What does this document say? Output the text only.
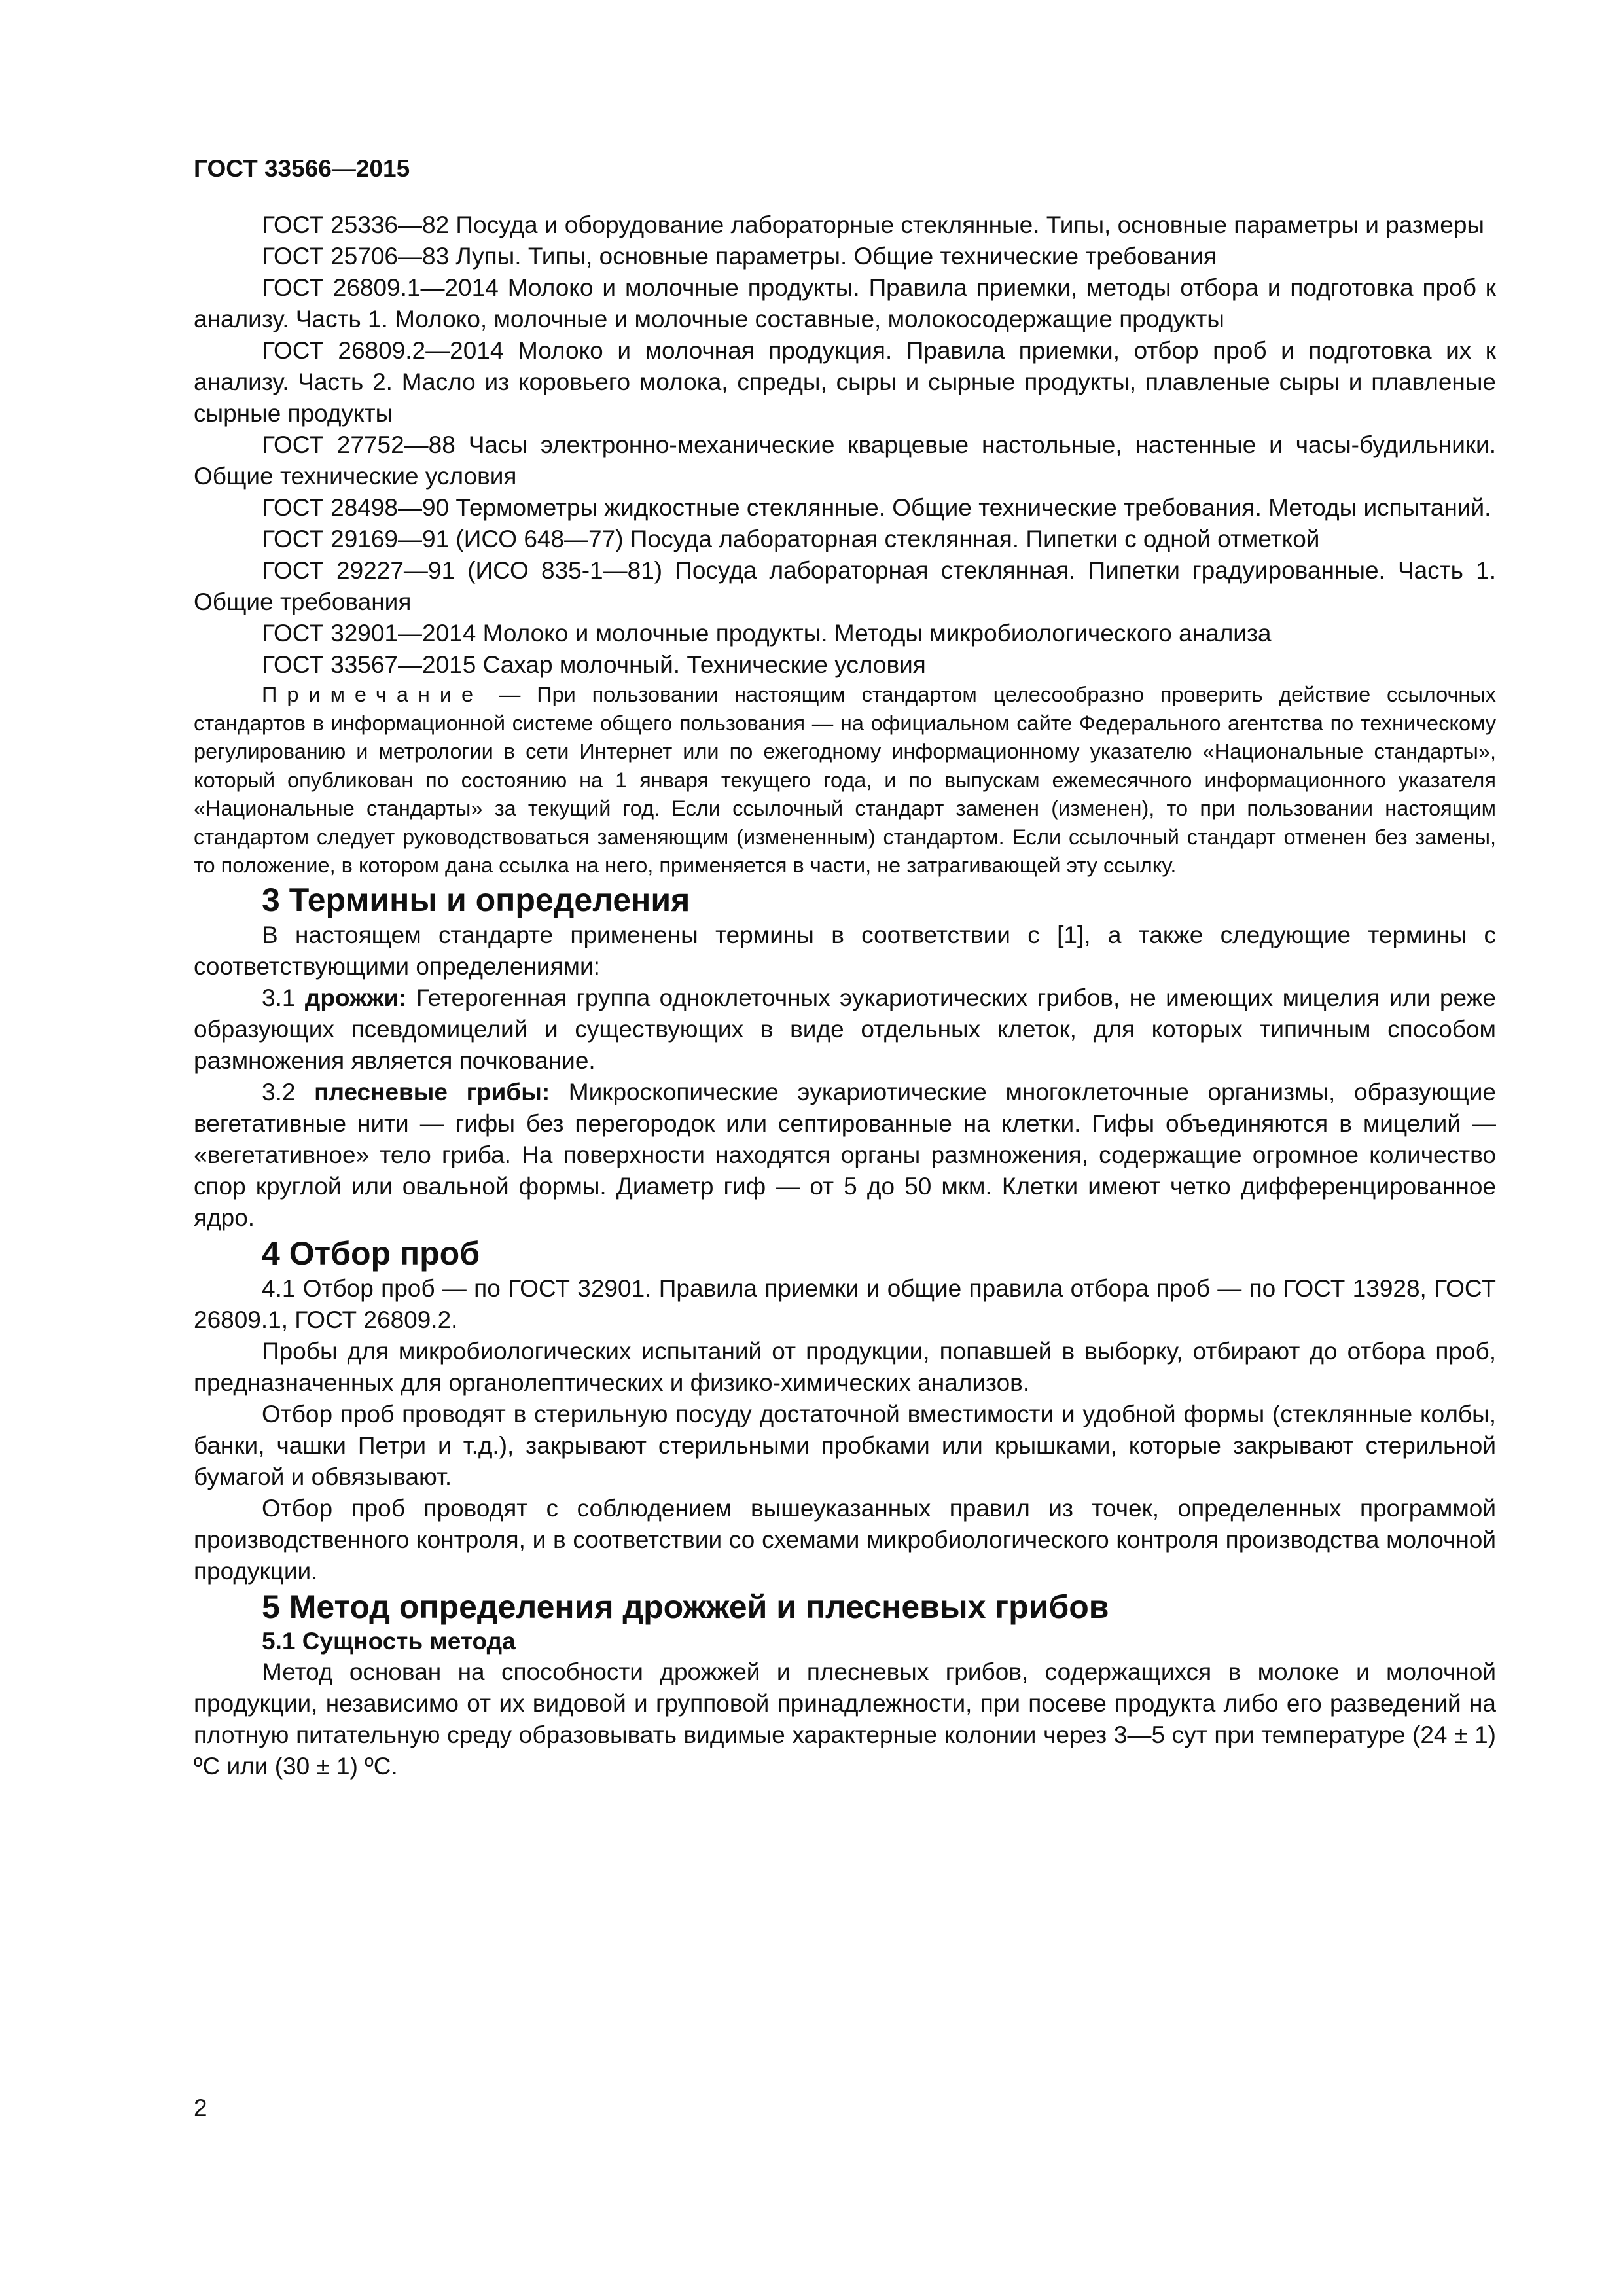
ГОСТ 33566—2015

ГОСТ 25336—82 Посуда и оборудование лабораторные стеклянные. Типы, основные параметры и размеры

ГОСТ 25706—83 Лупы. Типы, основные параметры. Общие технические требования

ГОСТ 26809.1—2014 Молоко и молочные продукты. Правила приемки, методы отбора и подготовка проб к анализу. Часть 1. Молоко, молочные и молочные составные, молокосодержащие продукты

ГОСТ 26809.2—2014 Молоко и молочная продукция. Правила приемки, отбор проб и подготовка их к анализу. Часть 2. Масло из коровьего молока, спреды, сыры и сырные продукты, плавленые сыры и плавленые сырные продукты

ГОСТ 27752—88 Часы электронно-механические кварцевые настольные, настенные и часы-будильники. Общие технические условия

ГОСТ 28498—90 Термометры жидкостные стеклянные. Общие технические требования. Методы испытаний.

ГОСТ 29169—91 (ИСО 648—77) Посуда лабораторная стеклянная. Пипетки с одной отметкой

ГОСТ 29227—91 (ИСО 835-1—81) Посуда лабораторная стеклянная. Пипетки градуированные. Часть 1. Общие требования

ГОСТ 32901—2014 Молоко и молочные продукты. Методы микробиологического анализа

ГОСТ 33567—2015 Сахар молочный. Технические условия

Примечание — При пользовании настоящим стандартом целесообразно проверить действие ссылочных стандартов в информационной системе общего пользования — на официальном сайте Федерального агентства по техническому регулированию и метрологии в сети Интернет или по ежегодному информационному указателю «Национальные стандарты», который опубликован по состоянию на 1 января текущего года, и по выпускам ежемесячного информационного указателя «Национальные стандарты» за текущий год. Если ссылочный стандарт заменен (изменен), то при пользовании настоящим стандартом следует руководствоваться заменяющим (измененным) стандартом. Если ссылочный стандарт отменен без замены, то положение, в котором дана ссылка на него, применяется в части, не затрагивающей эту ссылку.

3 Термины и определения

В настоящем стандарте применены термины в соответствии с [1], а также следующие термины с соответствующими определениями:

3.1 дрожжи: Гетерогенная группа одноклеточных эукариотических грибов, не имеющих мицелия или реже образующих псевдомицелий и существующих в виде отдельных клеток, для которых типичным способом размножения является почкование.

3.2 плесневые грибы: Микроскопические эукариотические многоклеточные организмы, образующие вегетативные нити — гифы без перегородок или септированные на клетки. Гифы объединяются в мицелий — «вегетативное» тело гриба. На поверхности находятся органы размножения, содержащие огромное количество спор круглой или овальной формы. Диаметр гиф — от 5 до 50 мкм. Клетки имеют четко дифференцированное ядро.

4 Отбор проб

4.1 Отбор проб — по ГОСТ 32901. Правила приемки и общие правила отбора проб — по ГОСТ 13928, ГОСТ 26809.1, ГОСТ 26809.2.

Пробы для микробиологических испытаний от продукции, попавшей в выборку, отбирают до отбора проб, предназначенных для органолептических и физико-химических анализов.

Отбор проб проводят в стерильную посуду достаточной вместимости и удобной формы (стеклянные колбы, банки, чашки Петри и т.д.), закрывают стерильными пробками или крышками, которые закрывают стерильной бумагой и обвязывают.

Отбор проб проводят с соблюдением вышеуказанных правил из точек, определенных программой производственного контроля, и в соответствии со схемами микробиологического контроля производства молочной продукции.

5 Метод определения дрожжей и плесневых грибов
5.1 Сущность метода

Метод основан на способности дрожжей и плесневых грибов, содержащихся в молоке и молочной продукции, независимо от их видовой и групповой принадлежности, при посеве продукта либо его разведений на плотную питательную среду образовывать видимые характерные колонии через 3—5 сут при температуре (24 ± 1) ºС или (30 ± 1) ºС.

2
